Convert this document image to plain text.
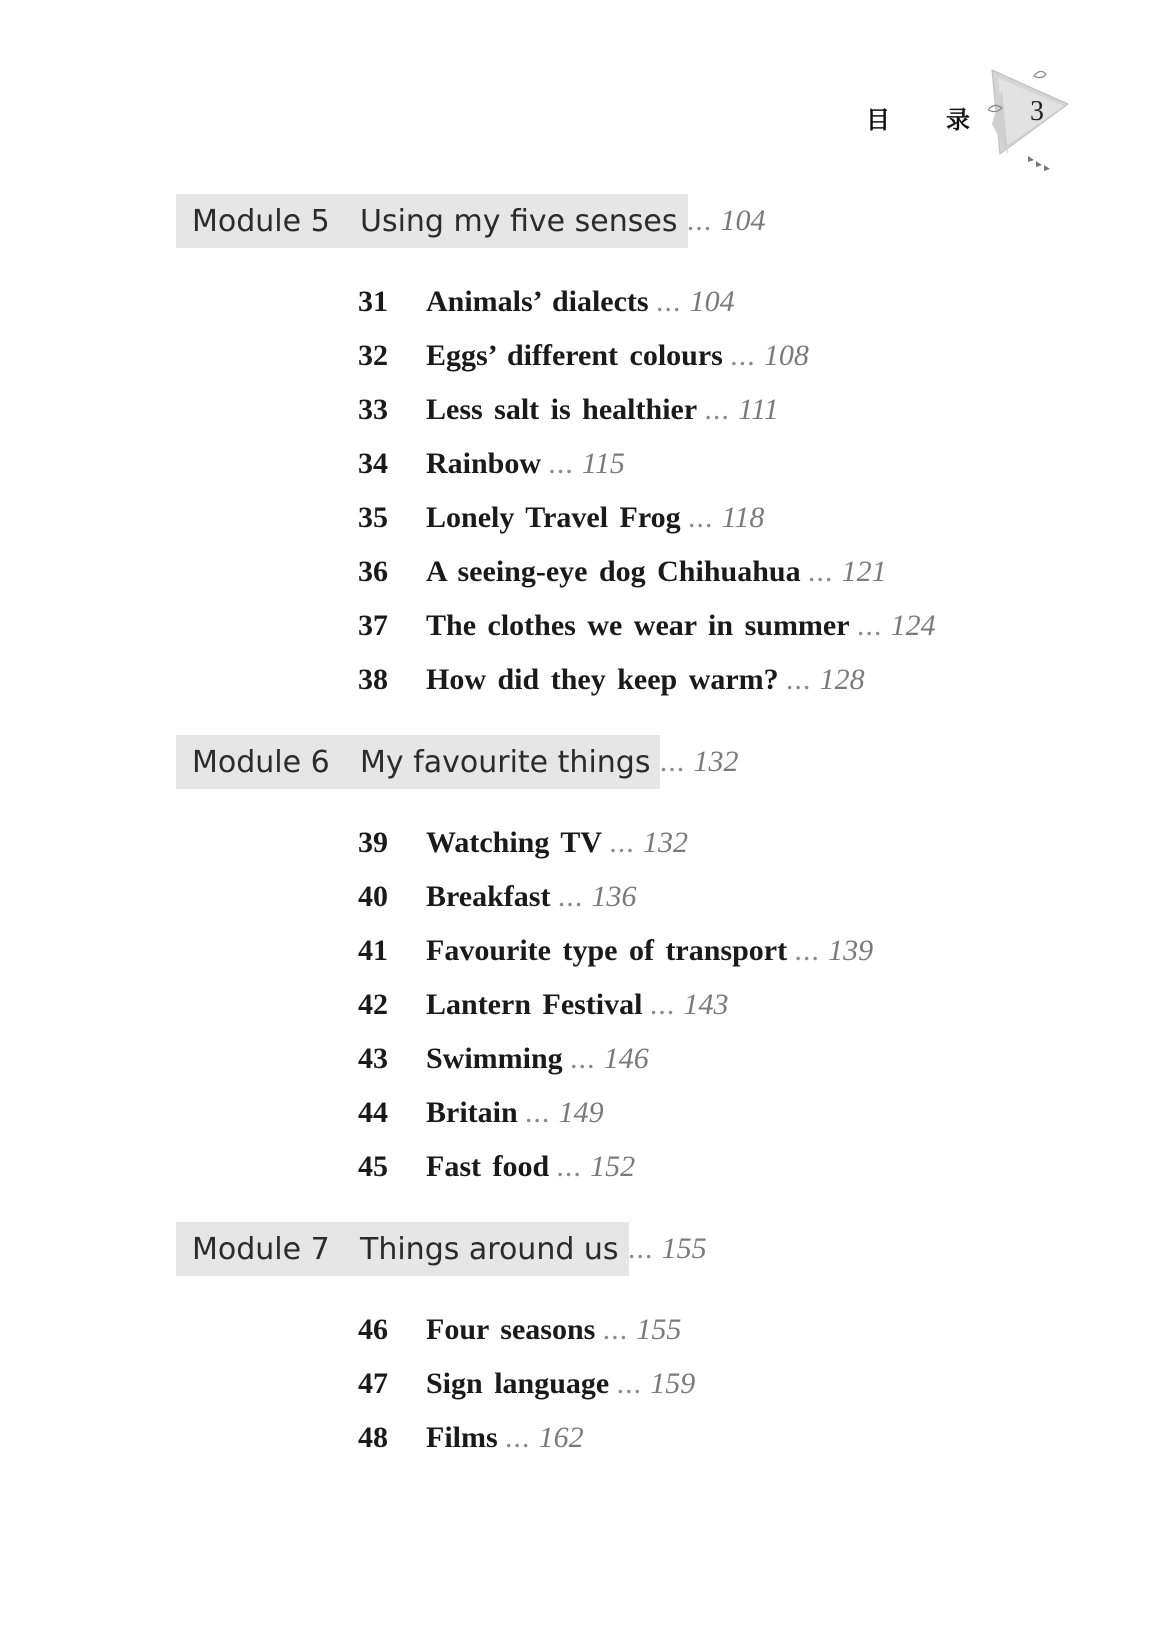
目 录 3
Module 5	Using my five senses ... 104
31	Animals’ dialects ... 104
32	Eggs’ different colours ... 108
33	Less salt is healthier ... 111
34	Rainbow ... 115
35	Lonely Travel Frog ... 118
36	A seeing-eye dog Chihuahua ... 121
37	The clothes we wear in summer ... 124
38	How did they keep warm? ... 128
Module 6	My favourite things ... 132
39	Watching TV ... 132
40	Breakfast ... 136
41	Favourite type of transport ... 139
42	Lantern Festival ... 143
43	Swimming ... 146
44	Britain ... 149
45	Fast food ... 152
Module 7	Things around us ... 155
46	Four seasons ... 155
47	Sign language ... 159
48	Films ... 162
